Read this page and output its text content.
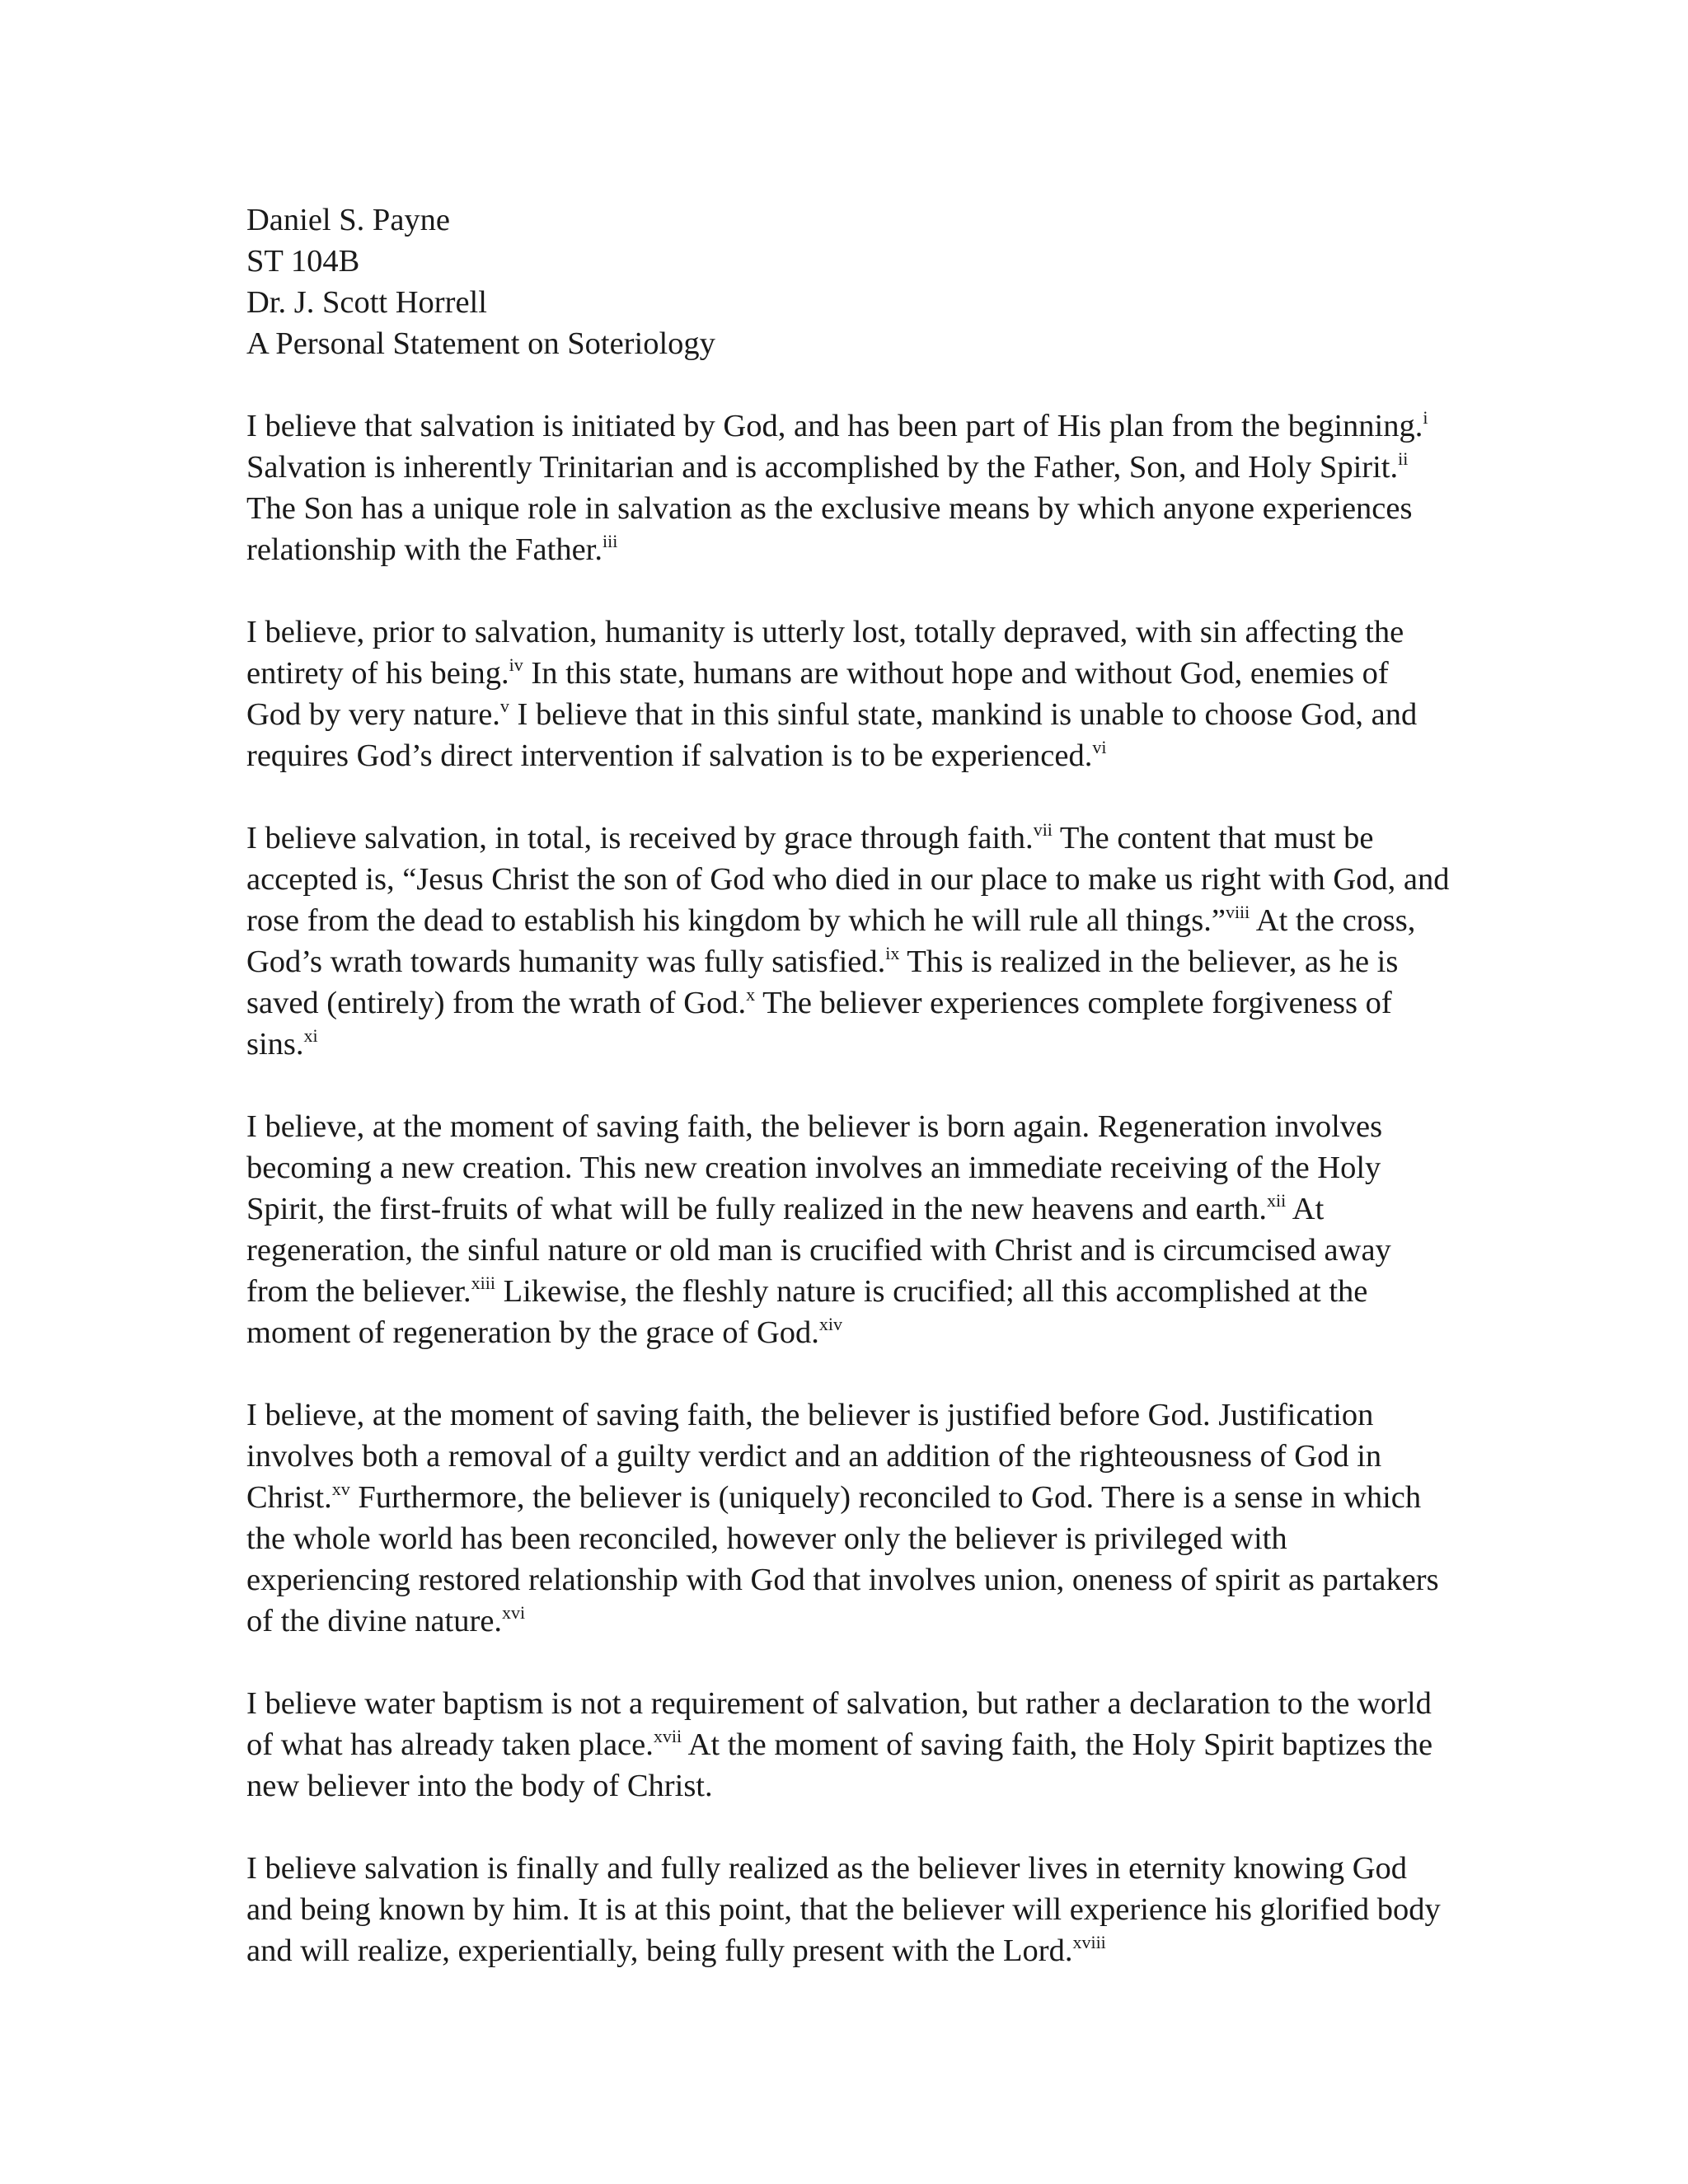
Daniel S. Payne
ST 104B
Dr. J. Scott Horrell
A Personal Statement on Soteriology

I believe that salvation is initiated by God, and has been part of His plan from the beginning.$^i$ Salvation is inherently Trinitarian and is accomplished by the Father, Son, and Holy Spirit.$^{ii}$ The Son has a unique role in salvation as the exclusive means by which anyone experiences relationship with the Father.$^{iii}$

I believe, prior to salvation, humanity is utterly lost, totally depraved, with sin affecting the entirety of his being.$^{iv}$ In this state, humans are without hope and without God, enemies of God by very nature.$^v$ I believe that in this sinful state, mankind is unable to choose God, and requires God’s direct intervention if salvation is to be experienced.$^{vi}$

I believe salvation, in total, is received by grace through faith.$^{vii}$ The content that must be accepted is, “Jesus Christ the son of God who died in our place to make us right with God, and rose from the dead to establish his kingdom by which he will rule all things.”$^{viii}$ At the cross, God’s wrath towards humanity was fully satisfied.$^{ix}$ This is realized in the believer, as he is saved (entirely) from the wrath of God.$^x$ The believer experiences complete forgiveness of sins.$^{xi}$

I believe, at the moment of saving faith, the believer is born again. Regeneration involves becoming a new creation. This new creation involves an immediate receiving of the Holy Spirit, the first-fruits of what will be fully realized in the new heavens and earth.$^{xii}$ At regeneration, the sinful nature or old man is crucified with Christ and is circumcised away from the believer.$^{xiii}$ Likewise, the fleshly nature is crucified; all this accomplished at the moment of regeneration by the grace of God.$^{xiv}$

I believe, at the moment of saving faith, the believer is justified before God. Justification involves both a removal of a guilty verdict and an addition of the righteousness of God in Christ.$^{xv}$ Furthermore, the believer is (uniquely) reconciled to God. There is a sense in which the whole world has been reconciled, however only the believer is privileged with experiencing restored relationship with God that involves union, oneness of spirit as partakers of the divine nature.$^{xvi}$

I believe water baptism is not a requirement of salvation, but rather a declaration to the world of what has already taken place.$^{xvii}$ At the moment of saving faith, the Holy Spirit baptizes the new believer into the body of Christ.

I believe salvation is finally and fully realized as the believer lives in eternity knowing God and being known by him. It is at this point, that the believer will experience his glorified body and will realize, experientially, being fully present with the Lord.$^{xviii}$
